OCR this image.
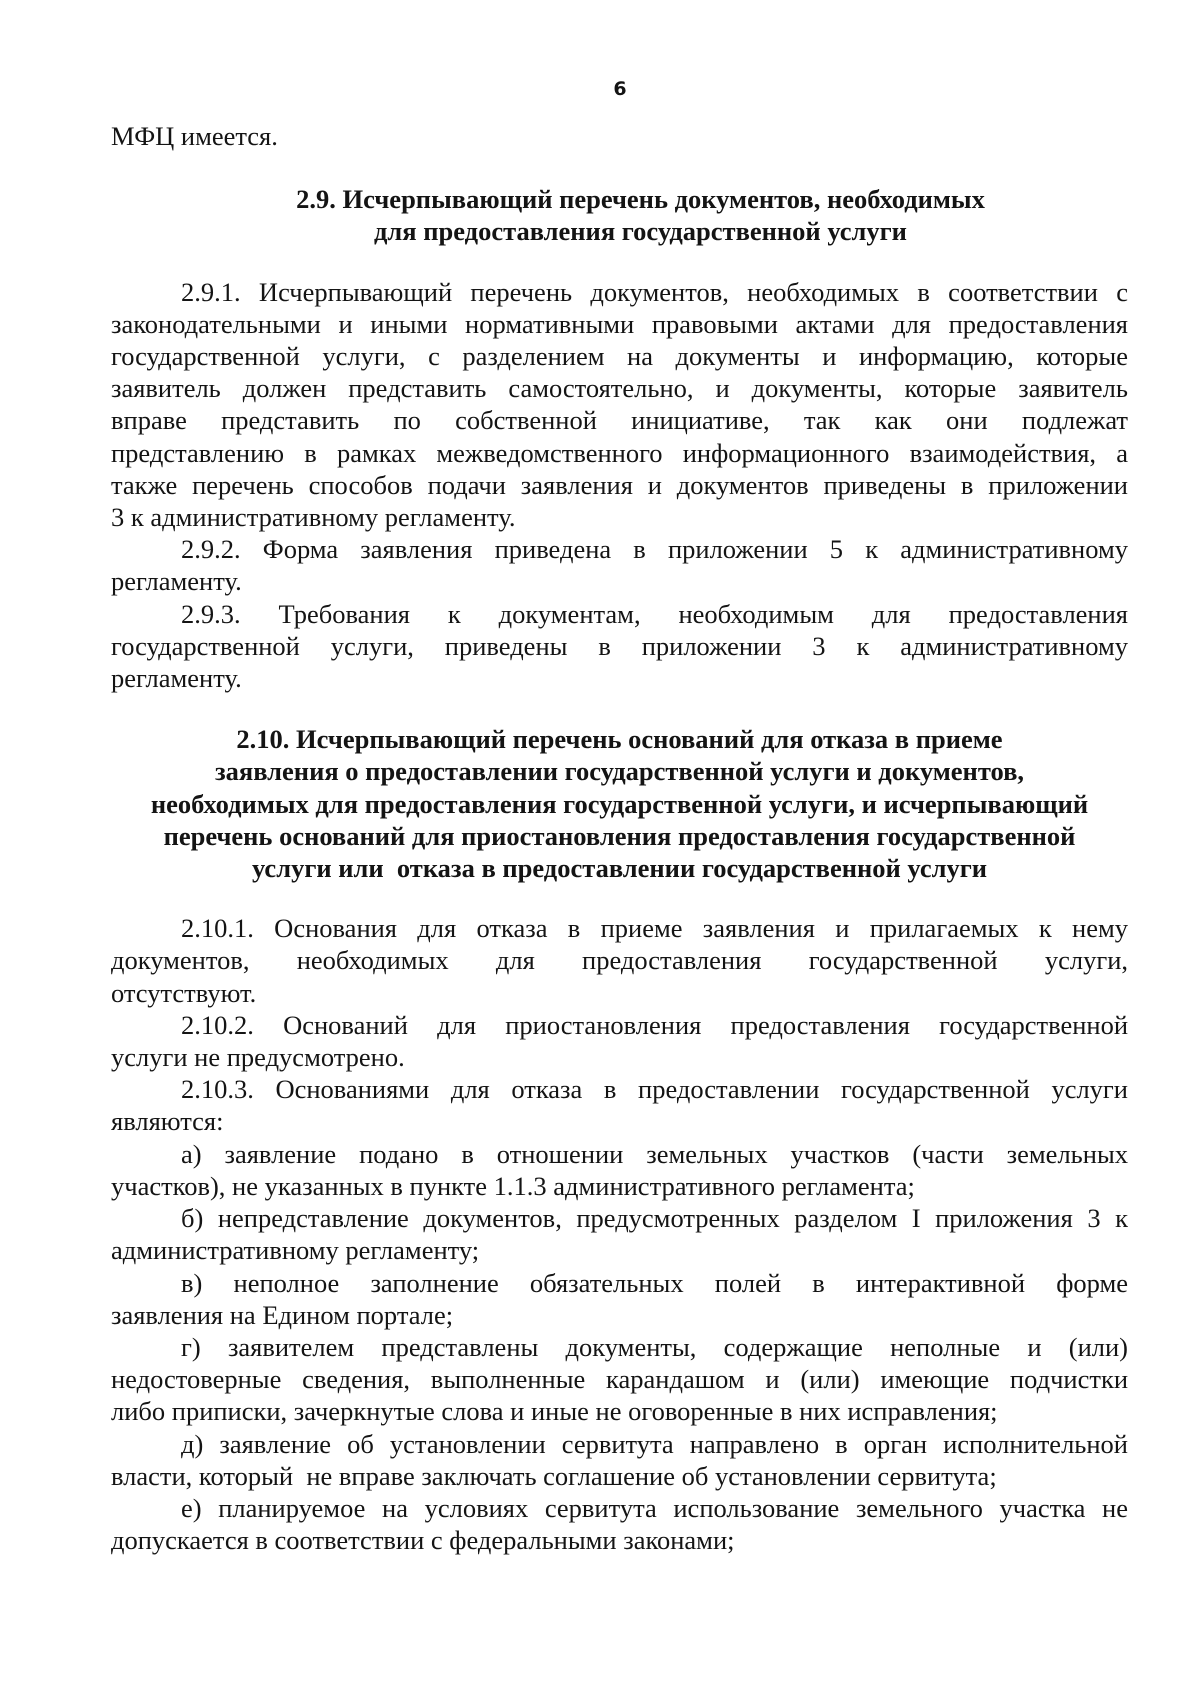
6
МФЦ имеется.
2.9. Исчерпывающий перечень документов, необходимых
для предоставления государственной услуги
2.9.1. Исчерпывающий перечень документов, необходимых в соответствии с
законодательными и иными нормативными правовыми актами для предоставления
государственной услуги, с разделением на документы и информацию, которые
заявитель должен представить самостоятельно, и документы, которые заявитель
вправе представить по собственной инициативе, так как они подлежат
представлению в рамках межведомственного информационного взаимодействия, а
также перечень способов подачи заявления и документов приведены в приложении
3 к административному регламенту.
2.9.2. Форма заявления приведена в приложении 5 к административному
регламенту.
2.9.3. Требования к документам, необходимым для предоставления
государственной услуги, приведены в приложении 3 к административному
регламенту.
2.10. Исчерпывающий перечень оснований для отказа в приеме
заявления о предоставлении государственной услуги и документов,
необходимых для предоставления государственной услуги, и исчерпывающий
перечень оснований для приостановления предоставления государственной
услуги или  отказа в предоставлении государственной услуги
2.10.1. Основания для отказа в приеме заявления и прилагаемых к нему
документов, необходимых для предоставления государственной услуги,
отсутствуют.
2.10.2. Оснований для приостановления предоставления государственной
услуги не предусмотрено.
2.10.3. Основаниями для отказа в предоставлении государственной услуги
являются:
а) заявление подано в отношении земельных участков (части земельных
участков), не указанных в пункте 1.1.3 административного регламента;
б) непредставление документов, предусмотренных разделом I приложения 3 к
административному регламенту;
в) неполное заполнение обязательных полей в интерактивной форме
заявления на Едином портале;
г) заявителем представлены документы, содержащие неполные и (или)
недостоверные сведения, выполненные карандашом и (или) имеющие подчистки
либо приписки, зачеркнутые слова и иные не оговоренные в них исправления;
д) заявление об установлении сервитута направлено в орган исполнительной
власти, который  не вправе заключать соглашение об установлении сервитута;
е) планируемое на условиях сервитута использование земельного участка не
допускается в соответствии с федеральными законами;
